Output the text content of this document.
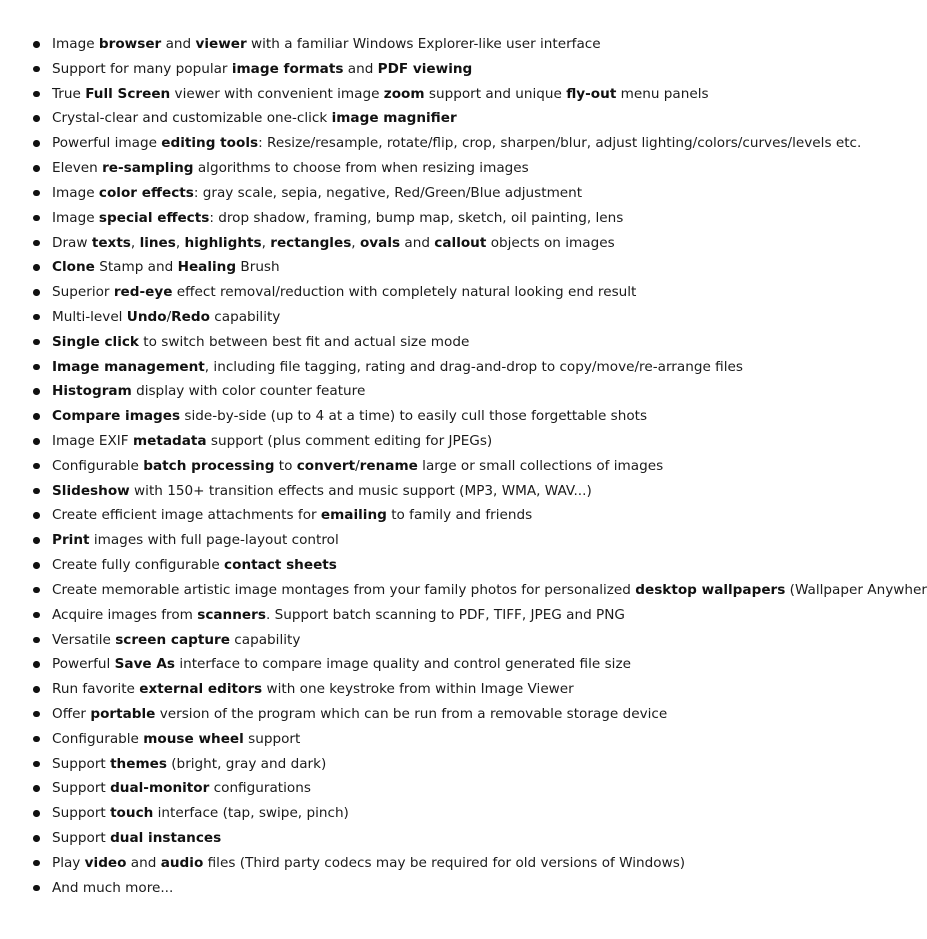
Image browser and viewer with a familiar Windows Explorer-like user interface
Support for many popular image formats and PDF viewing
True Full Screen viewer with convenient image zoom support and unique fly-out menu panels
Crystal-clear and customizable one-click image magnifier
Powerful image editing tools: Resize/resample, rotate/flip, crop, sharpen/blur, adjust lighting/colors/curves/levels etc.
Eleven re-sampling algorithms to choose from when resizing images
Image color effects: gray scale, sepia, negative, Red/Green/Blue adjustment
Image special effects: drop shadow, framing, bump map, sketch, oil painting, lens
Draw texts, lines, highlights, rectangles, ovals and callout objects on images
Clone Stamp and Healing Brush
Superior red-eye effect removal/reduction with completely natural looking end result
Multi-level Undo/Redo capability
Single click to switch between best fit and actual size mode
Image management, including file tagging, rating and drag-and-drop to copy/move/re-arrange files
Histogram display with color counter feature
Compare images side-by-side (up to 4 at a time) to easily cull those forgettable shots
Image EXIF metadata support (plus comment editing for JPEGs)
Configurable batch processing to convert/rename large or small collections of images
Slideshow with 150+ transition effects and music support (MP3, WMA, WAV...)
Create efficient image attachments for emailing to family and friends
Print images with full page-layout control
Create fully configurable contact sheets
Create memorable artistic image montages from your family photos for personalized desktop wallpapers (Wallpaper Anywher
Acquire images from scanners. Support batch scanning to PDF, TIFF, JPEG and PNG
Versatile screen capture capability
Powerful Save As interface to compare image quality and control generated file size
Run favorite external editors with one keystroke from within Image Viewer
Offer portable version of the program which can be run from a removable storage device
Configurable mouse wheel support
Support themes (bright, gray and dark)
Support dual-monitor configurations
Support touch interface (tap, swipe, pinch)
Support dual instances
Play video and audio files (Third party codecs may be required for old versions of Windows)
And much more...
